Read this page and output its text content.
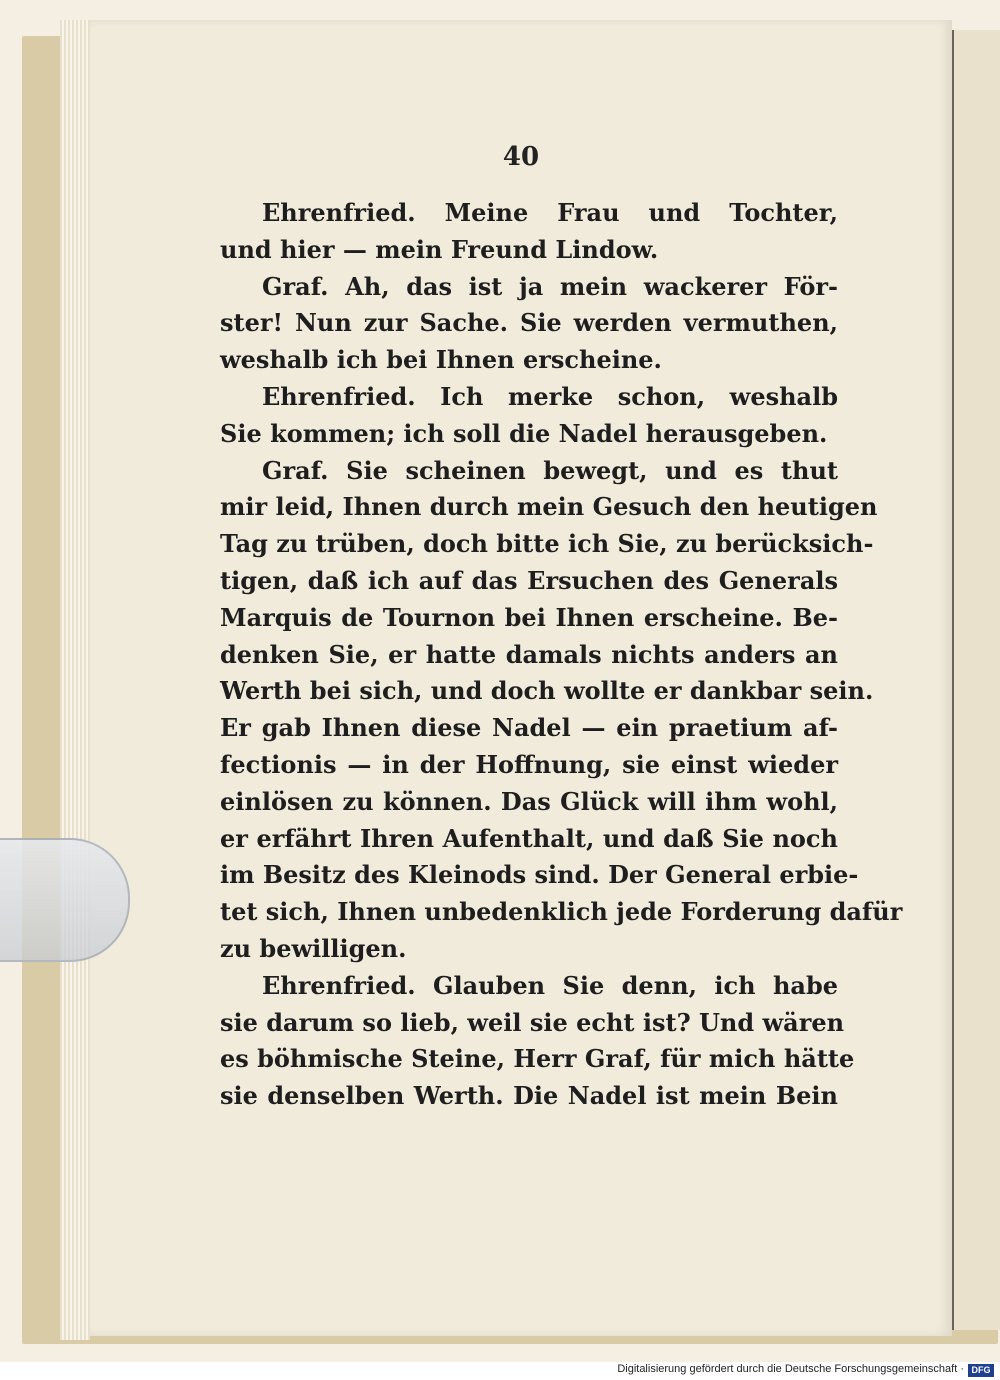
40
Ehrenfried. Meine Frau und Tochter,
und hier — mein Freund Lindow.
Graf. Ah, das ist ja mein wackerer För-
ster! Nun zur Sache. Sie werden vermuthen,
weshalb ich bei Ihnen erscheine.
Ehrenfried. Ich merke schon, weshalb
Sie kommen; ich soll die Nadel herausgeben.
Graf. Sie scheinen bewegt, und es thut
mir leid, Ihnen durch mein Gesuch den heutigen
Tag zu trüben, doch bitte ich Sie, zu berücksich-
tigen, daß ich auf das Ersuchen des Generals
Marquis de Tournon bei Ihnen erscheine. Be-
denken Sie, er hatte damals nichts anders an
Werth bei sich, und doch wollte er dankbar sein.
Er gab Ihnen diese Nadel — ein praetium af-
fectionis — in der Hoffnung, sie einst wieder
einlösen zu können. Das Glück will ihm wohl,
er erfährt Ihren Aufenthalt, und daß Sie noch
im Besitz des Kleinods sind. Der General erbie-
tet sich, Ihnen unbedenklich jede Forderung dafür
zu bewilligen.
Ehrenfried. Glauben Sie denn, ich habe
sie darum so lieb, weil sie echt ist? Und wären
es böhmische Steine, Herr Graf, für mich hätte
sie denselben Werth. Die Nadel ist mein Bein
Digitalisierung gefördert durch die Deutsche Forschungsgemeinschaft · DFG
